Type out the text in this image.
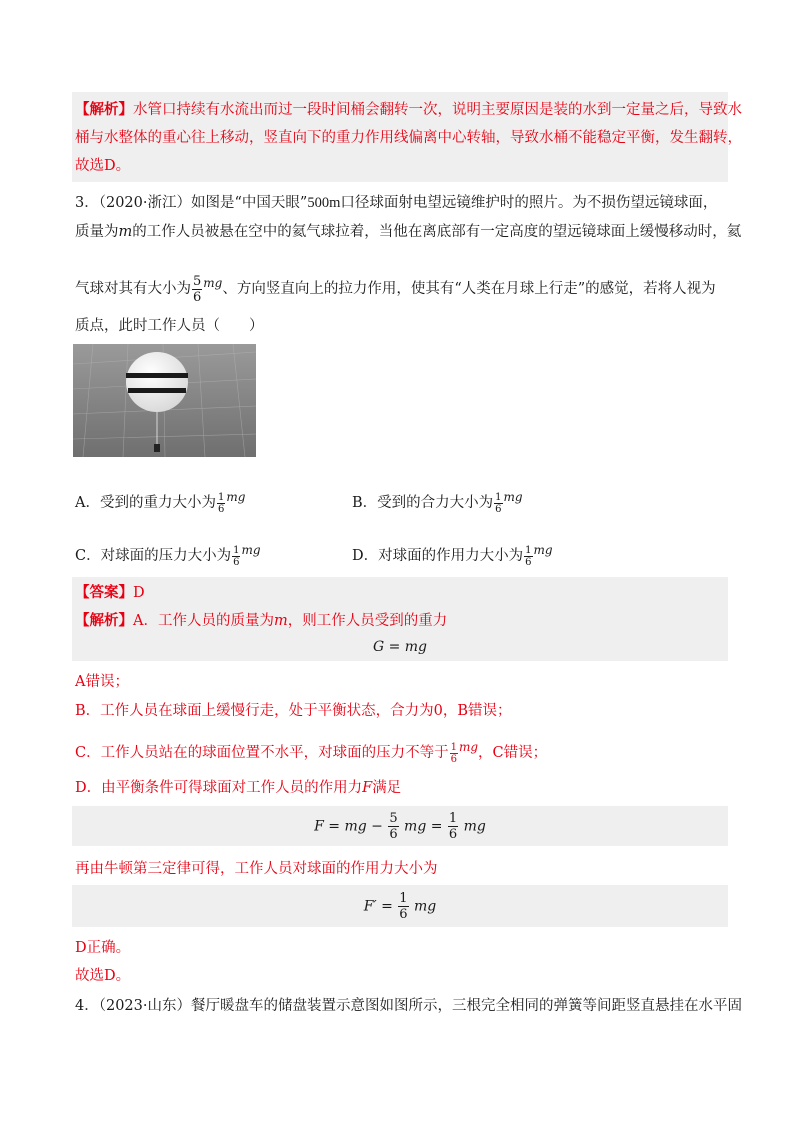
【解析】水管口持续有水流出而过一段时间桶会翻转一次，说明主要原因是装的水到一定量之后，导致水
桶与水整体的重心往上移动，竖直向下的重力作用线偏离中心转轴，导致水桶不能稳定平衡，发生翻转，
故选D。
3．（2020·浙江）如图是“中国天眼”500m口径球面射电望远镜维护时的照片。为不损伤望远镜球面，
质量为m的工作人员被悬在空中的氦气球拉着，当他在离底部有一定高度的望远镜球面上缓慢移动时，氦
气球对其有大小为 $\frac{5}{6} ^{mg}$、方向竖直向上的拉力作用，使其有“人类在月球上行走”的感觉，若将人视为
质点，此时工作人员（　　）
A．受到的重力大小为 $\frac{1}{6} ^{mg}$	B．受到的合力大小为 $\frac{1}{6} ^{mg}$
C．对球面的压力大小为 $\frac{1}{6} ^{mg}$	D．对球面的作用力大小为 $\frac{1}{6} ^{mg}$
【答案】D
【解析】A．工作人员的质量为m，则工作人员受到的重力
G = mg
A错误；
B．工作人员在球面上缓慢行走，处于平衡状态，合力为0，B错误；
C．工作人员站在的球面位置不水平，对球面的压力不等于 $\frac{1}{6} ^{mg}$，C错误；
D．由平衡条件可得球面对工作人员的作用力F满足
F = mg − $\frac{5}{6}$ mg = $\frac{1}{6}$ mg
再由牛顿第三定律可得，工作人员对球面的作用力大小为
$F' = \frac{1}{6}$ mg
D正确。
故选D。
4．（2023·山东）餐厅暖盘车的储盘装置示意图如图所示，三根完全相同的弹簧等间距竖直悬挂在水平固
